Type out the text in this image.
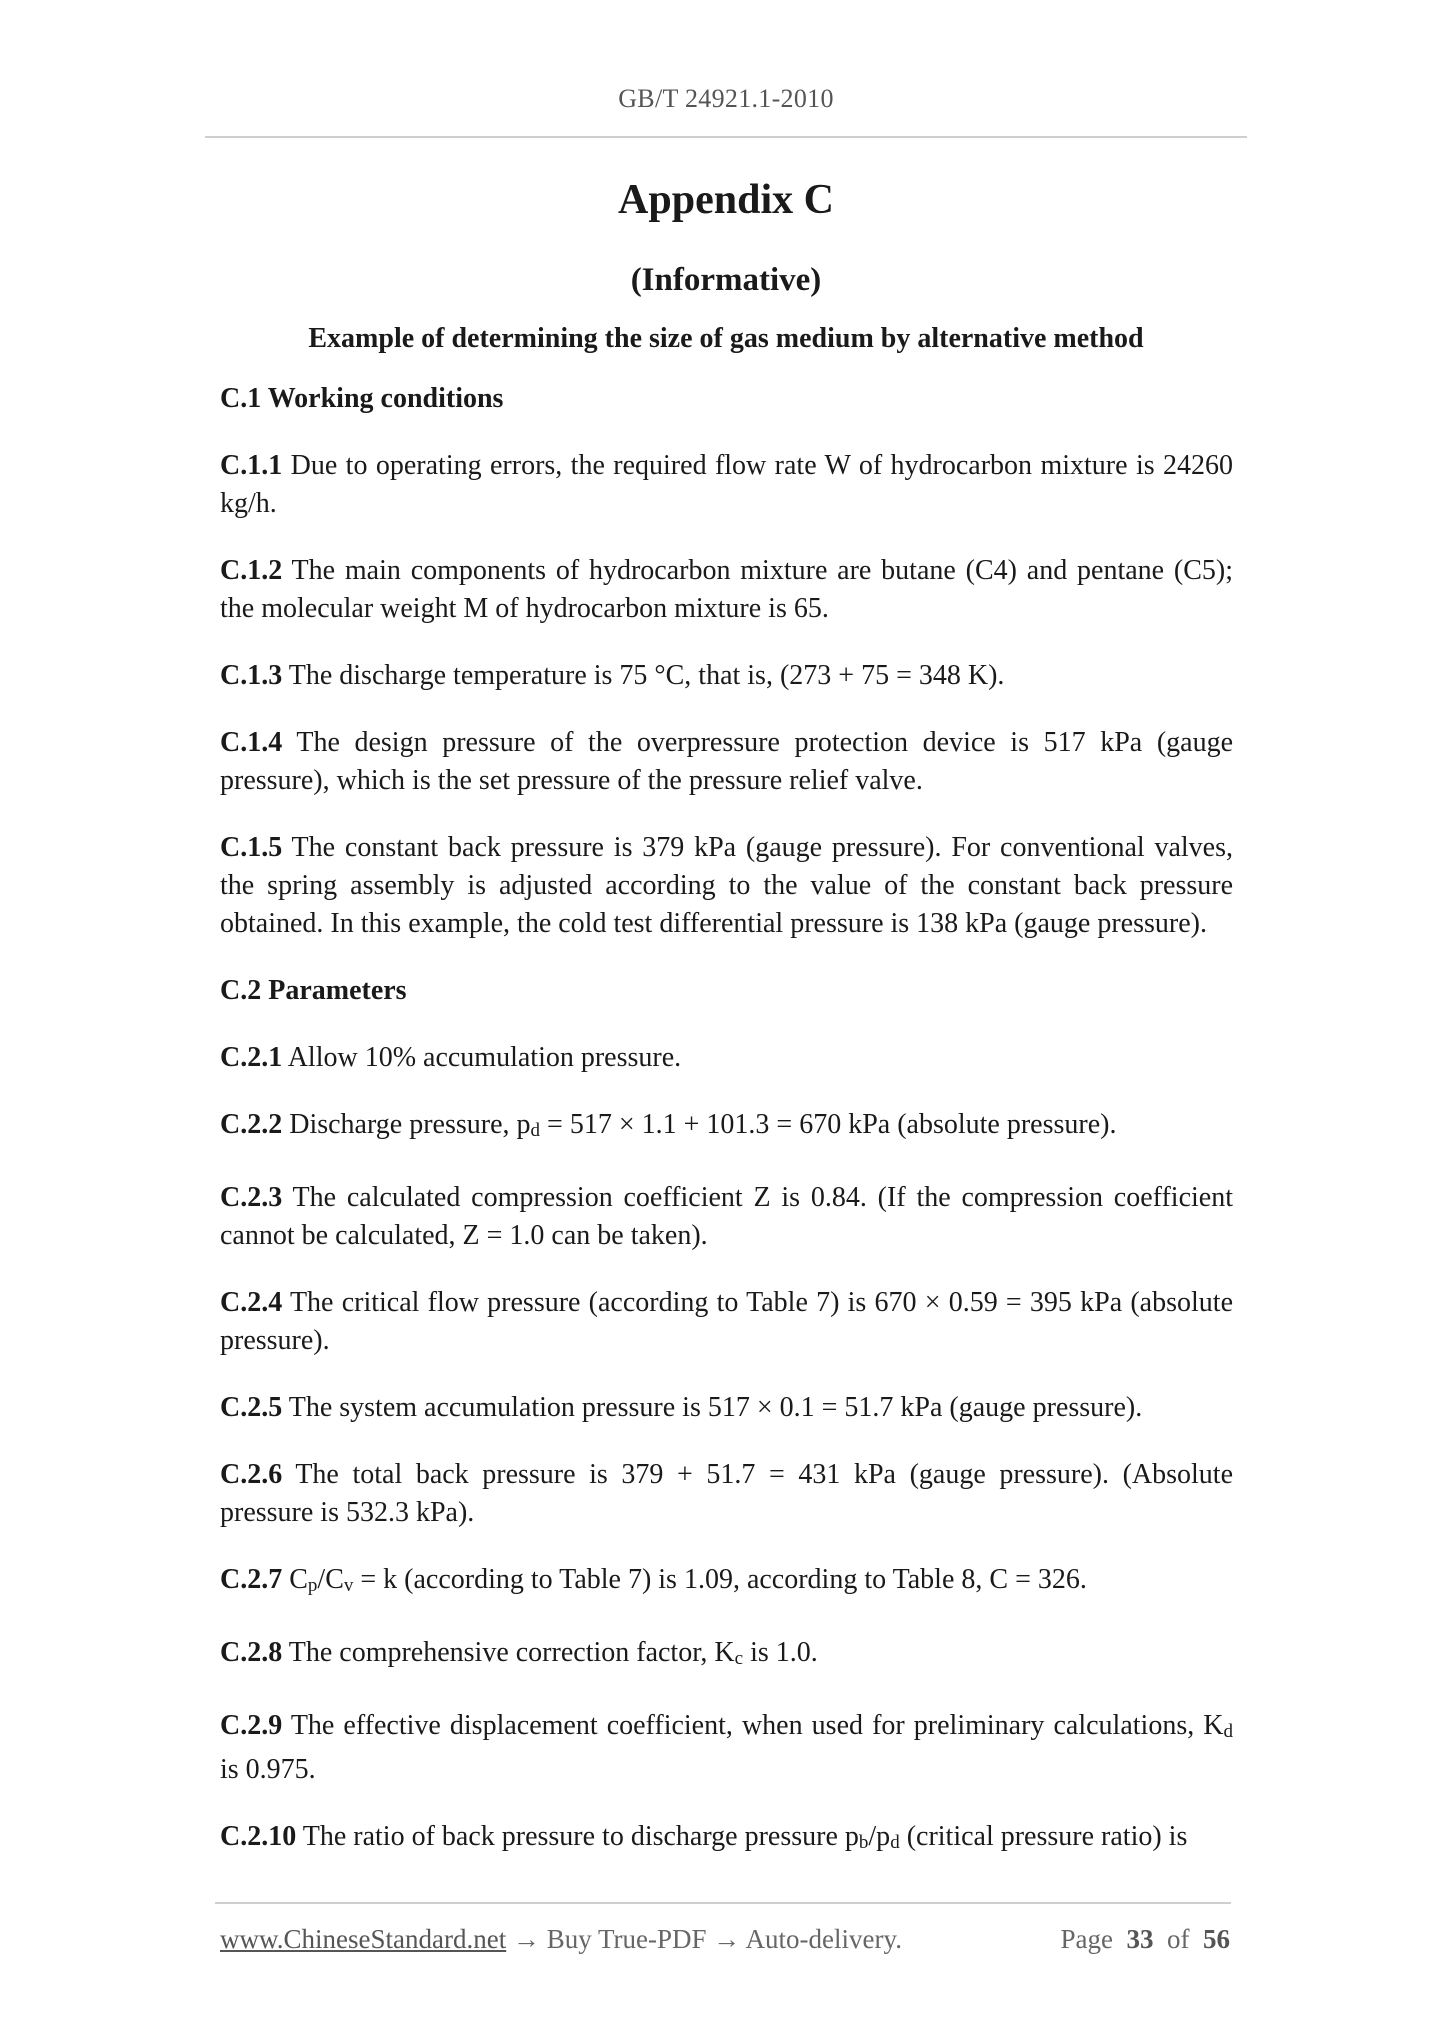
GB/T 24921.1-2010
Appendix C
(Informative)
Example of determining the size of gas medium by alternative method
C.1 Working conditions

C.1.1 Due to operating errors, the required flow rate W of hydrocarbon mixture is 24260 kg/h.

C.1.2 The main components of hydrocarbon mixture are butane (C4) and pentane (C5); the molecular weight M of hydrocarbon mixture is 65.

C.1.3 The discharge temperature is 75 °C, that is, (273 + 75 = 348 K).

C.1.4 The design pressure of the overpressure protection device is 517 kPa (gauge pressure), which is the set pressure of the pressure relief valve.

C.1.5 The constant back pressure is 379 kPa (gauge pressure). For conventional valves, the spring assembly is adjusted according to the value of the constant back pressure obtained. In this example, the cold test differential pressure is 138 kPa (gauge pressure).

C.2 Parameters

C.2.1 Allow 10% accumulation pressure.

C.2.2 Discharge pressure, pd = 517 × 1.1 + 101.3 = 670 kPa (absolute pressure).

C.2.3 The calculated compression coefficient Z is 0.84. (If the compression coefficient cannot be calculated, Z = 1.0 can be taken).

C.2.4 The critical flow pressure (according to Table 7) is 670 × 0.59 = 395 kPa (absolute pressure).

C.2.5 The system accumulation pressure is 517 × 0.1 = 51.7 kPa (gauge pressure).

C.2.6 The total back pressure is 379 + 51.7 = 431 kPa (gauge pressure). (Absolute pressure is 532.3 kPa).

C.2.7 Cp/Cv = k (according to Table 7) is 1.09, according to Table 8, C = 326.

C.2.8 The comprehensive correction factor, Kc is 1.0.

C.2.9 The effective displacement coefficient, when used for preliminary calculations, Kd is 0.975.

C.2.10 The ratio of back pressure to discharge pressure pb/pd (critical pressure ratio) is

www.ChineseStandard.net → Buy True-PDF → Auto-delivery.	Page 33 of 56
